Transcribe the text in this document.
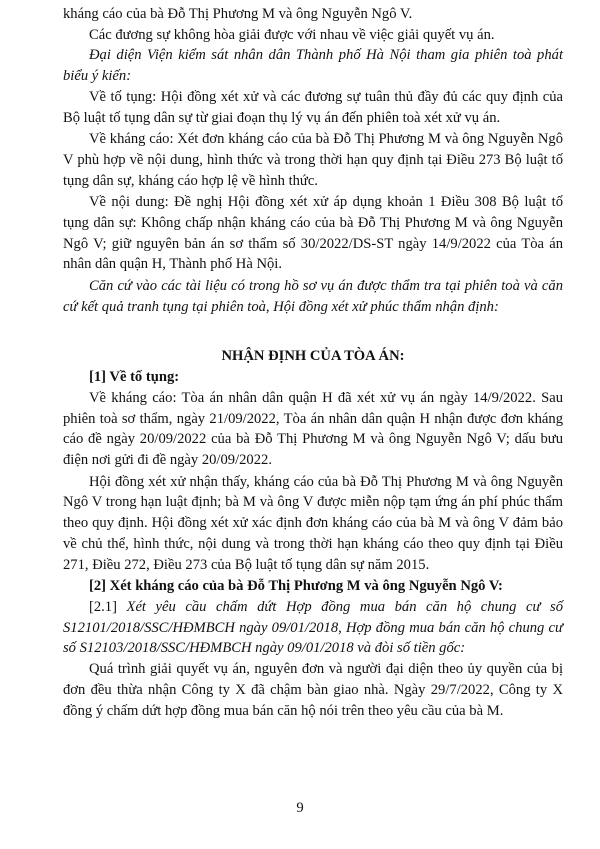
kháng cáo của bà Đỗ Thị Phương M và ông Nguyễn Ngô V.

Các đương sự không hòa giải được với nhau về việc giải quyết vụ án.

Đại diện Viện kiểm sát nhân dân Thành phố Hà Nội tham gia phiên toà phát biểu ý kiến:

Về tố tụng: Hội đồng xét xử và các đương sự tuân thủ đầy đủ các quy định của Bộ luật tố tụng dân sự từ giai đoạn thụ lý vụ án đến phiên toà xét xử vụ án.

Về kháng cáo: Xét đơn kháng cáo của bà Đỗ Thị Phương M và ông Nguyễn Ngô V phù hợp về nội dung, hình thức và trong thời hạn quy định tại Điều 273 Bộ luật tố tụng dân sự, kháng cáo hợp lệ về hình thức.

Về nội dung: Đề nghị Hội đồng xét xử áp dụng khoản 1 Điều 308 Bộ luật tố tụng dân sự: Không chấp nhận kháng cáo của bà Đỗ Thị Phương M và ông Nguyễn Ngô V; giữ nguyên bản án sơ thẩm số 30/2022/DS-ST ngày 14/9/2022 của Tòa án nhân dân quận H, Thành phố Hà Nội.

Căn cứ vào các tài liệu có trong hồ sơ vụ án được thẩm tra tại phiên toà và căn cứ kết quả tranh tụng tại phiên toà, Hội đồng xét xử phúc thẩm nhận định:

NHẬN ĐỊNH CỦA TÒA ÁN:

[1] Về tố tụng:

Về kháng cáo: Tòa án nhân dân quận H đã xét xử vụ án ngày 14/9/2022. Sau phiên toà sơ thẩm, ngày 21/09/2022, Tòa án nhân dân quận H nhận được đơn kháng cáo đề ngày 20/09/2022 của bà Đỗ Thị Phương M và ông Nguyễn Ngô V; dấu bưu điện nơi gửi đi đề ngày 20/09/2022.

Hội đồng xét xử nhận thấy, kháng cáo của bà Đỗ Thị Phương M và ông Nguyễn Ngô V trong hạn luật định; bà M và ông V được miễn nộp tạm ứng án phí phúc thẩm theo quy định. Hội đồng xét xử xác định đơn kháng cáo của bà M và ông V đảm bảo về chủ thể, hình thức, nội dung và trong thời hạn kháng cáo theo quy định tại Điều 271, Điều 272, Điều 273 của Bộ luật tố tụng dân sự năm 2015.

[2] Xét kháng cáo của bà Đỗ Thị Phương M và ông Nguyễn Ngô V:

[2.1] Xét yêu cầu chấm dứt Hợp đồng mua bán căn hộ chung cư số S12101/2018/SSC/HĐMBCH ngày 09/01/2018, Hợp đồng mua bán căn hộ chung cư số S12103/2018/SSC/HĐMBCH ngày 09/01/2018 và đòi số tiền gốc:

Quá trình giải quyết vụ án, nguyên đơn và người đại diện theo ủy quyền của bị đơn đều thừa nhận Công ty X đã chậm bàn giao nhà. Ngày 29/7/2022, Công ty X đồng ý chấm dứt hợp đồng mua bán căn hộ nói trên theo yêu cầu của bà M.

9
